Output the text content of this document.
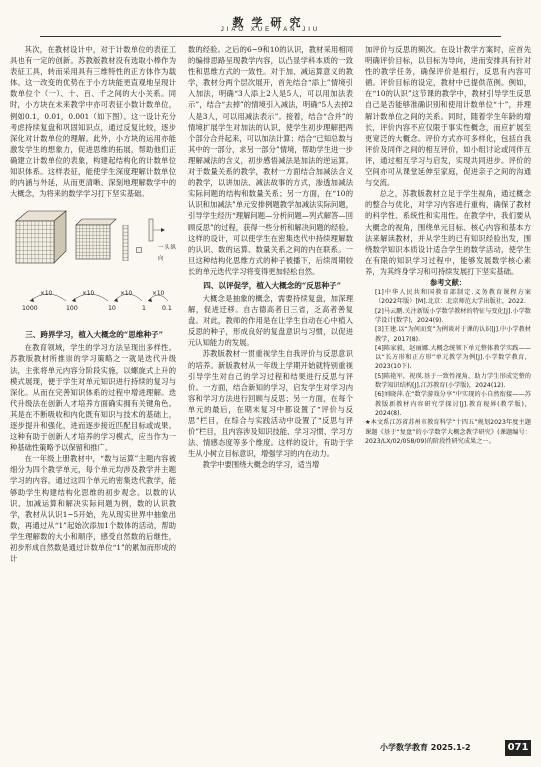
教学研究
JIAO XUE YAN JIU

其次，在教材设计中，对于计数单位的表征工具也有一定的创新。苏教版教材没有选取小棒作为表征工具，转而采用具有三维特性的正方体作为载体。这一改变的优势在于小方块能更直观地呈现计数单位个（一）、十、百、千之间的大小关系。同时，小方块在未来教学中亦可表征小数计数单位，例如0.1，0.01，0.001（如下图）。这一设计充分考虑持续复盘和巩固知识点，通过反复比较，逐步深化对计数单位的理解。此外，小方块的运用亦能激发学生的想象力，促进思维的拓展，帮助他们正确建立计数单位的表象，构建起结构化的计数单位知识体系。这样表征，能使学生深度理解计数单位的内涵与外延，从而更清晰、深刻地理解数学中的大概念，为将来的数学学习打下坚实基础。

一头纵向
1000	100	10	1	0.1
×10	×10	×10	×10
三、跨界学习，植入大概念的“思维种子”

在教育领域，学生的学习方法呈现出多样性。苏教版教材所推崇的学习策略之一就是迭代升级法，主张将单元内容分阶段实施，以螺旋式上升的模式展现，便于学生对单元知识进行持续的复习与深化。从而在完善知识体系的过程中增进理解。迭代升级法在创新人才培养方面确实拥有关键角色。其是在不断吸收和内化既有知识与技术的基础上，逐步提升和强化，进而逐步接近匹配目标或成果。这种有助于创新人才培养的学习模式，应当作为一种基础性策略予以保留和推广。

在一年级上册教材中，“数与运算”主题内容被细分为四个教学单元，每个单元均涉及教学并主题学习的内容。通过这四个单元的密集迭代教学，能够助学生构建结构化思维的初步观念。以数的认识、加减运算和解决实际问题为例，数的认识教学，教材从认识1~5开始，先从现实世界中抽象出数，再通过从“1”起始次添加1个数体的活动，帮助学生理解数的大小和顺序，感受自然数的后继性，初步形成自然数是通过计数单位“1”的累加而形成的计

数的经验。之后的6~9和10的认识，教材采用相同的编排思路呈现教学内容，以凸显学科本质的一致性和思维方式的一致性。对于加、减运算意义的教学，教材分两个层次展开，首先结合“添上”情境引入加法，明确“3人添上2人是5人，可以用加法表示”，结合“去掉”的情境引入减法，明确“5人去掉2人是3人，可以用减法表示”。接着，结合“合并”的情境扩展学生对加法的认识，使学生初步理解把两个部分合并起来，可以加法计算；结合“已知总数与其中的一部分，求另一部分”情境，帮助学生进一步理解减法的含义，初步感悟减法是加法的逆运算。对于数量关系的教学，教材一方面结合加减法含义的教学，以讲加法、减法故事的方式，渗透加减法实际问题的结构和数量关系；另一方面，在“10的认识和加减法”单元安排例题教学加减法实际问题，引导学生经历“理解问题—分析问题—列式解答—回顾反思”的过程，获得一些分析和解决问题的经验。这样的设计，可以使学生在密集迭代中持续理解数的认识、数的运算、数量关系之间的内在联系。一旦这种结构化思维方式的种子被播下，后续周期较长的单元迭代学习将变得更加轻松自然。

四、以评促学，植入大概念的“反思种子”

大概念是抽象的概念，需要持续复盘，加深理解，促进迁移。自古德高者日三省，乏高者善复盘。对此，教师的作用是在让学生自动在心中植入反思的种子，形成良好的复盘意识与习惯，以促进元认知能力的发展。

苏教版教材一贯重视学生自我评价与反思意识的培养。新版教材从一年级上学期开始就特别重视引导学生对自己的学习过程和结果进行反思与评价。一方面，结合新知的学习，启发学生对学习内容和学习方法进行回顾与反思；另一方面，在每个单元的最后，在期末复习中都设置了“评价与反思”栏目，在综合与实践活动中设置了“反思与评价”栏目，且内容涉及知识技能、学习习惯、学习方法、情感态度等多个维度。这样的设计，有助于学生从小树立目标意识，增强学习的内在动力。

教学中要围绕大概念的学习，适当增

加评价与反思的频次。在设计教学方案时，应首先明确评价目标，以目标为导向，进而安排具有针对性的教学任务，确保评价是根行，反思有内容可循。评价目标的设定，教材中已提供范例。例如，在“10的认识”这节课的教学中，教材引导学生反思自己是否能够准确识别和使用计数单位“十”，并理解计数单位之间的关系。同时，随着学生年龄的增长，评价内容不应仅限于事实性概念，而应扩展至更宽泛的大概念。评价方式亦可多样化，包括自我评价及同伴之间的相互评价，如小组讨论或同伴互评，通过相互学习与启发，实现共同进步。评价的空间亦可从课堂延伸至家庭，促进亲子之间的沟通与交流。

总之，苏教版教材立足于学生视角，通过概念的整合与优化，对学习内容进行重构，确保了教材的科学性、系统性和实用性。在教学中，我们要从大概念的视角，围绕单元目标、核心内容和基本方法来解读教材，并从学生的已有知识经验出发，围绕数学知识本质设计适合学生的数学活动，使学生在有限的知识学习过程中，能够发展数学核心素养，为其终身学习和可持续发展打下坚实基础。

参考文献：

[1]中华人民共和国教育部制定.义务教育课程方案（2022年版）[M].北京：北京师范大学出版社，2022.

[2]马云鹏.关注新版小学数学教材的特征与变化[J].小学数学设计(数学)，2024(9).

[3]王建.以“为何而变”为例谈对于课的认识[J].中小学教材教学，2017(8).

[4]陈家毅，赵丽娜.大概念统领下单元整体教学实践——以“长方形和正方形”单元教学为例[J].小学数学教育，2023(10下).

[5]陈艳军，祝瑛.基于一致性视角，助力学生形成完整的数学知识结构[J].江苏教育(小学版)，2024(12).

[6]刘晓萍.在“数学游戏分享”中实现的小自然衔接——苏教版新教材内容研究学探讨[J].教育视界(教学版)，2024(8).

★本文系江苏省苏州市教育科学“十四五”规划2023年度主题课题《基于“复盘”的小学数学大概念教学研究》(课题编号：2023/LX/02/058/09)的阶段性研究成果之一。

小学数学教育 2025.1-2	071
